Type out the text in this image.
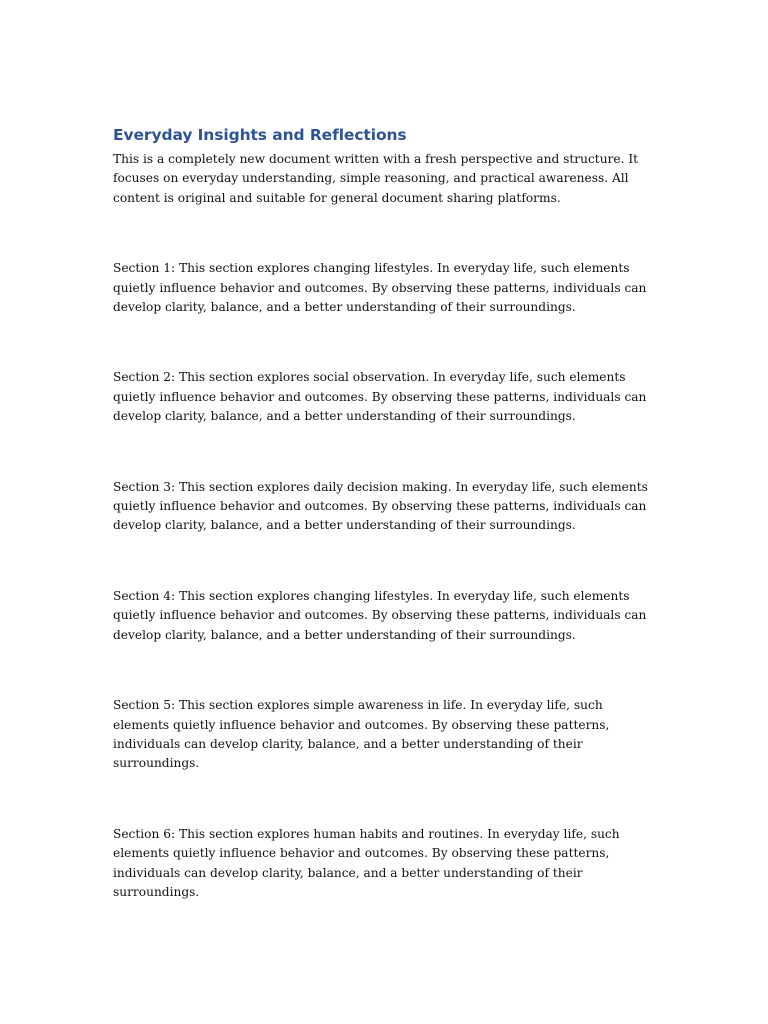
Everyday Insights and Reflections

This is a completely new document written with a fresh perspective and structure. It focuses on everyday understanding, simple reasoning, and practical awareness. All content is original and suitable for general document sharing platforms.

Section 1: This section explores changing lifestyles. In everyday life, such elements quietly influence behavior and outcomes. By observing these patterns, individuals can develop clarity, balance, and a better understanding of their surroundings.

Section 2: This section explores social observation. In everyday life, such elements quietly influence behavior and outcomes. By observing these patterns, individuals can develop clarity, balance, and a better understanding of their surroundings.

Section 3: This section explores daily decision making. In everyday life, such elements quietly influence behavior and outcomes. By observing these patterns, individuals can develop clarity, balance, and a better understanding of their surroundings.

Section 4: This section explores changing lifestyles. In everyday life, such elements quietly influence behavior and outcomes. By observing these patterns, individuals can develop clarity, balance, and a better understanding of their surroundings.

Section 5: This section explores simple awareness in life. In everyday life, such elements quietly influence behavior and outcomes. By observing these patterns, individuals can develop clarity, balance, and a better understanding of their surroundings.

Section 6: This section explores human habits and routines. In everyday life, such elements quietly influence behavior and outcomes. By observing these patterns, individuals can develop clarity, balance, and a better understanding of their surroundings.
